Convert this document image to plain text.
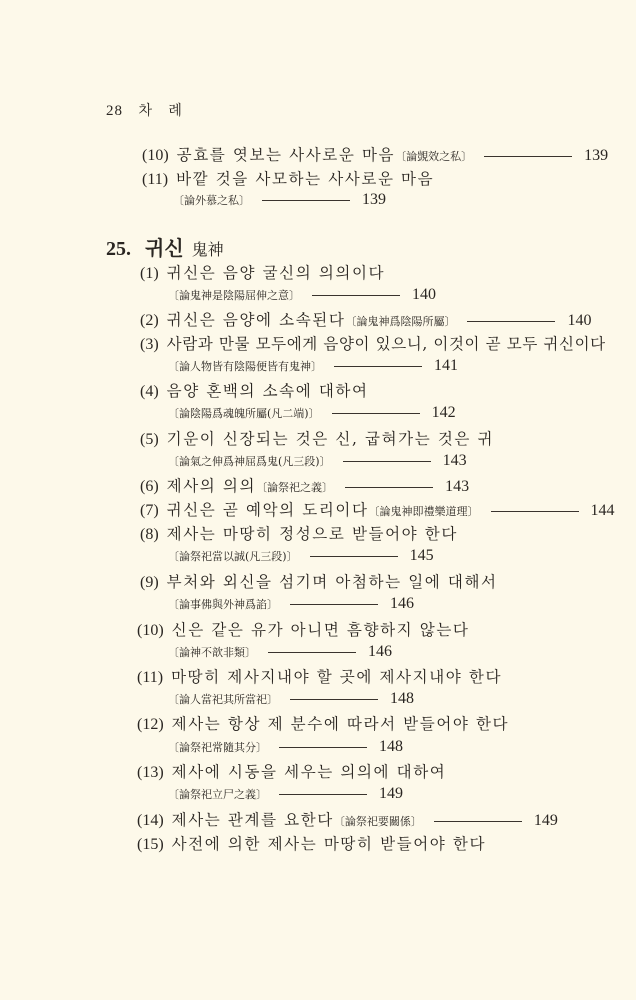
28 차 례
(10) 공효를 엿보는 사사로운 마음〔論覬效之私〕	139
(11) 바깥 것을 사모하는 사사로운 마음
〔論外慕之私〕	139
25. 귀신 鬼神
(1) 귀신은 음양 굴신의 의의이다
〔論鬼神是陰陽屈伸之意〕	140
(2) 귀신은 음양에 소속된다〔論鬼神爲陰陽所屬〕	140
(3) 사람과 만물 모두에게 음양이 있으니, 이것이 곧 모두 귀신이다
〔論人物皆有陰陽便皆有鬼神〕	141
(4) 음양 혼백의 소속에 대하여
〔論陰陽爲魂魄所屬(凡二端)〕	142
(5) 기운이 신장되는 것은 신, 굽혀가는 것은 귀
〔論氣之伸爲神屈爲鬼(凡三段)〕	143
(6) 제사의 의의〔論祭祀之義〕	143
(7) 귀신은 곧 예악의 도리이다〔論鬼神即禮樂道理〕	144
(8) 제사는 마땅히 정성으로 받들어야 한다
〔論祭祀當以誠(凡三段)〕	145
(9) 부처와 외신을 섬기며 아첨하는 일에 대해서
〔論事佛與外神爲諂〕	146
(10) 신은 같은 유가 아니면 흠향하지 않는다
〔論神不歆非類〕	146
(11) 마땅히 제사지내야 할 곳에 제사지내야 한다
〔論人當祀其所當祀〕	148
(12) 제사는 항상 제 분수에 따라서 받들어야 한다
〔論祭祀常隨其分〕	148
(13) 제사에 시동을 세우는 의의에 대하여
〔論祭祀立尸之義〕	149
(14) 제사는 관계를 요한다〔論祭祀要關係〕	149
(15) 사전에 의한 제사는 마땅히 받들어야 한다
